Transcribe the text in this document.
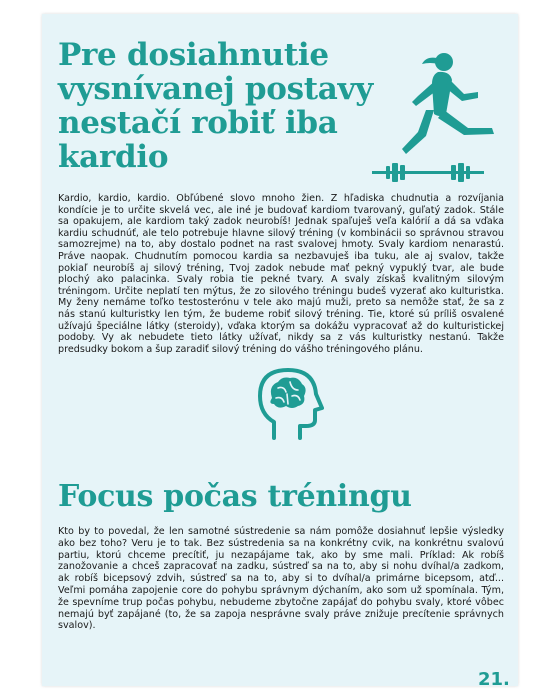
Pre dosiahnutie vysnívanej postavy nestačí robiť iba kardio

Kardio, kardio, kardio. Obľúbené slovo mnoho žien. Z hľadiska chudnutia a rozvíjania kondície je to určite skvelá vec, ale iné je budovať kardiom tvarovaný, guľatý zadok. Stále sa opakujem, ale kardiom taký zadok neurobíš! Jednak spaľuješ veľa kalórií a dá sa vďaka kardiu schudnúť, ale telo potrebuje hlavne silový tréning (v kombinácii so správnou stravou samozrejme) na to, aby dostalo podnet na rast svalovej hmoty. Svaly kardiom nenarastú. Práve naopak. Chudnutím pomocou kardia sa nezbavuješ iba tuku, ale aj svalov, takže pokiaľ neurobíš aj silový tréning, Tvoj zadok nebude mať pekný vypuklý tvar, ale bude plochý ako palacinka. Svaly robia tie pekné tvary. A svaly získaš kvalitným silovým tréningom. Určite neplatí ten mýtus, že zo silového tréningu budeš vyzerať ako kulturistka. My ženy nemáme toľko testosterónu v tele ako majú muži, preto sa nemôže stať, že sa z nás stanú kulturistky len tým, že budeme robiť silový tréning. Tie, ktoré sú príliš osvalené užívajú špeciálne látky (steroidy), vďaka ktorým sa dokážu vypracovať až do kulturistickej podoby. Vy ak nebudete tieto látky užívať, nikdy sa z vás kulturistky nestanú. Takže predsudky bokom a šup zaradiť silový tréning do vášho tréningového plánu.

Focus počas tréningu

Kto by to povedal, že len samotné sústredenie sa nám pomôže dosiahnuť lepšie výsledky ako bez toho? Veru je to tak. Bez sústredenia sa na konkrétny cvik, na konkrétnu svalovú partiu, ktorú chceme precítiť, ju nezapájame tak, ako by sme mali. Príklad: Ak robíš zanožovanie a chceš zapracovať na zadku, sústreď sa na to, aby si nohu dvíhal/a zadkom, ak robíš bicepsový zdvih, sústreď sa na to, aby si to dvíhal/a primárne bicepsom, atď... Veľmi pomáha zapojenie core do pohybu správnym dýchaním, ako som už spomínala. Tým, že spevníme trup počas pohybu, nebudeme zbytočne zapájať do pohybu svaly, ktoré vôbec nemajú byť zapájané (to, že sa zapoja nesprávne svaly práve znižuje precítenie správnych svalov).

21.
